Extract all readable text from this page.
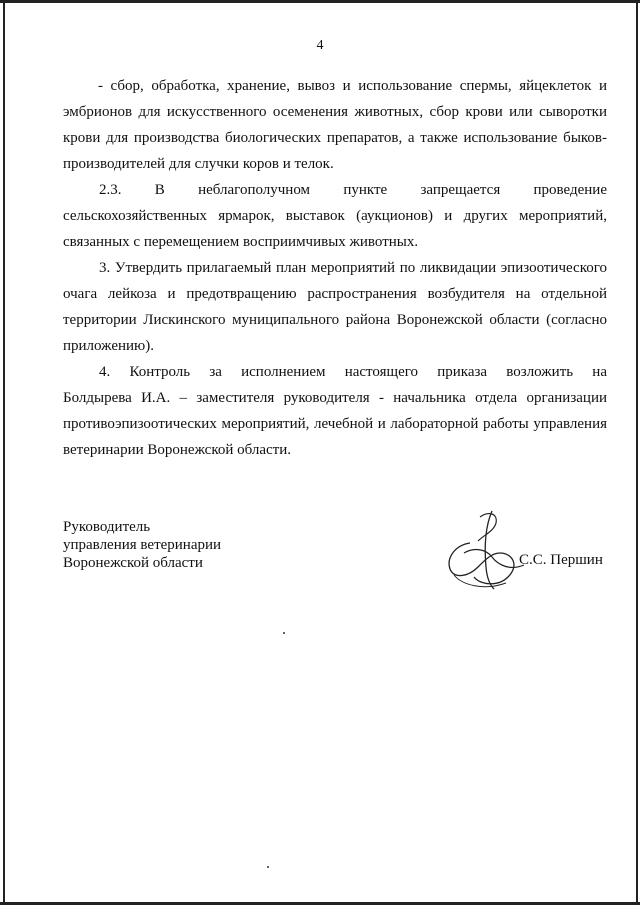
4
- сбор, обработка, хранение, вывоз и использование спермы, яйцеклеток и
эмбрионов для искусственного осеменения животных, сбор крови или сыворотки
крови для производства биологических препаратов, а также использование быков-
производителей для случки коров и телок.
2.3. В неблагополучном пункте запрещается проведение
сельскохозяйственных ярмарок, выставок (аукционов) и других мероприятий,
связанных с перемещением восприимчивых животных.
3. Утвердить прилагаемый план мероприятий по ликвидации эпизоотического
очага лейкоза и предотвращению распространения возбудителя на отдельной
территории Лискинского муниципального района Воронежской области (согласно
приложению).
4. Контроль за исполнением настоящего приказа возложить на
Болдырева И.А. – заместителя руководителя - начальника отдела организации
противоэпизоотических мероприятий, лечебной и лабораторной работы управления
ветеринарии Воронежской области.
Руководитель
управления ветеринарии
Воронежской области	С.С. Першин
